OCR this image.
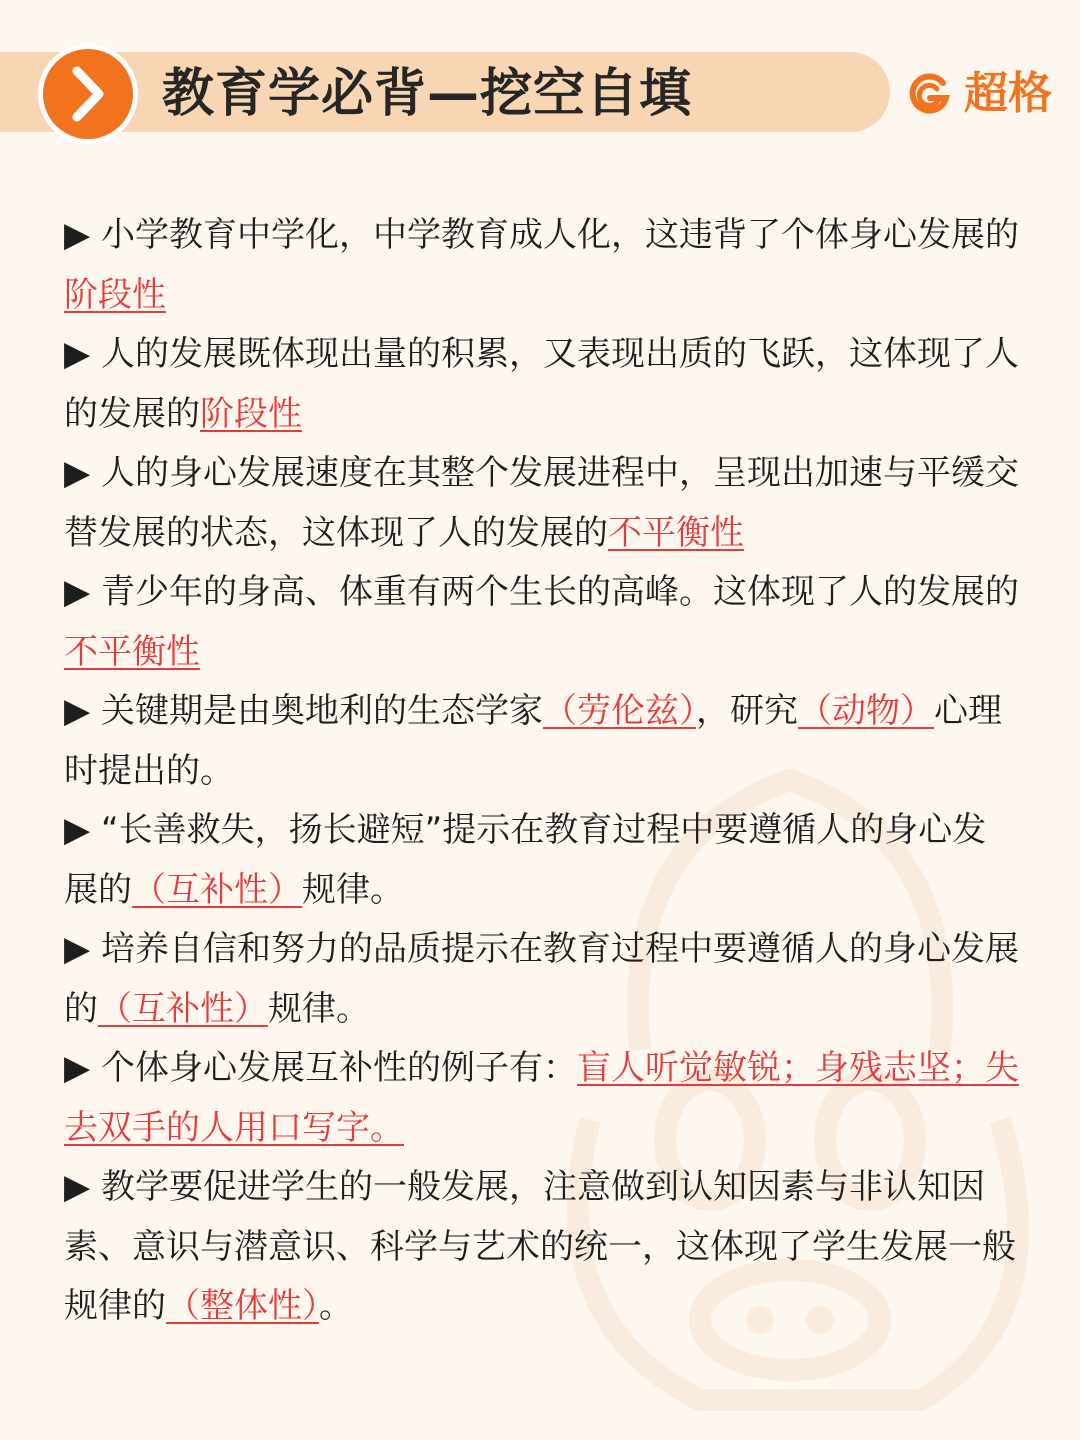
教育学必背—挖空自填	超格

▶ 小学教育中学化，中学教育成人化，这违背了个体身心发展的阶段性

▶ 人的发展既体现出量的积累，又表现出质的飞跃，这体现了人的发展的阶段性

▶ 人的身心发展速度在其整个发展进程中，呈现出加速与平缓交替发展的状态，这体现了人的发展的不平衡性

▶ 青少年的身高、体重有两个生长的高峰。这体现了人的发展的不平衡性

▶ 关键期是由奥地利的生态学家（劳伦兹），研究（动物）心理时提出的。

▶ “长善救失，扬长避短”提示在教育过程中要遵循人的身心发展的（互补性）规律。

▶ 培养自信和努力的品质提示在教育过程中要遵循人的身心发展的（互补性）规律。

▶ 个体身心发展互补性的例子有：盲人听觉敏锐；身残志坚；失去双手的人用口写字。

▶ 教学要促进学生的一般发展，注意做到认知因素与非认知因素、意识与潜意识、科学与艺术的统一，这体现了学生发展一般规律的（整体性）。
